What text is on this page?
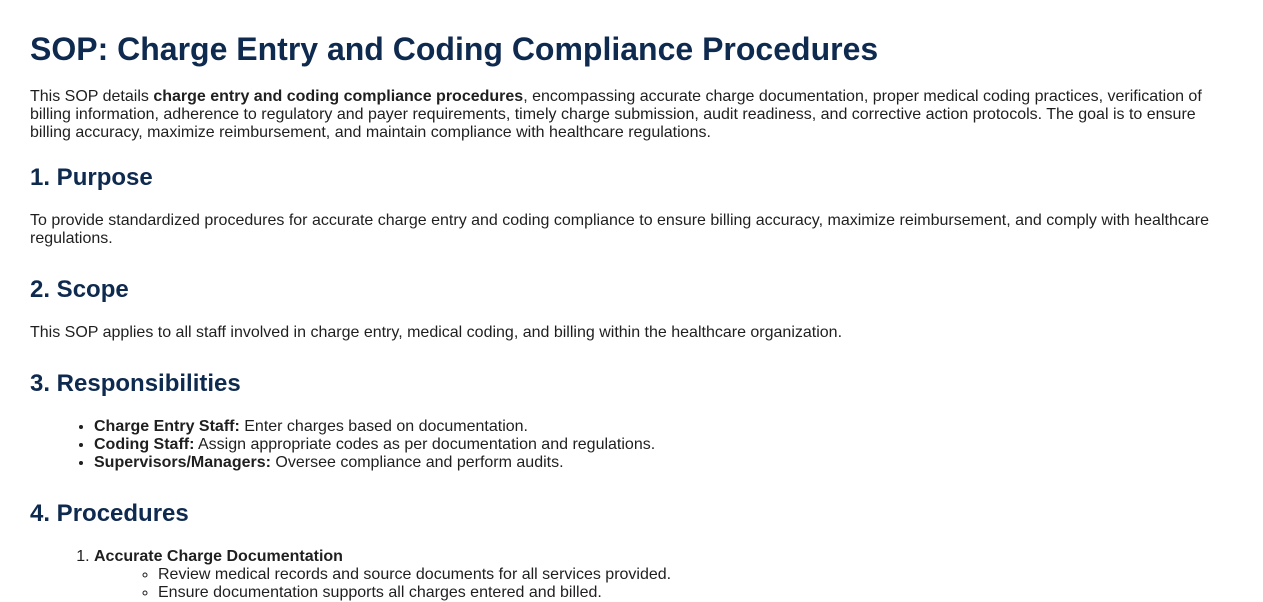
SOP: Charge Entry and Coding Compliance Procedures

This SOP details charge entry and coding compliance procedures, encompassing accurate charge documentation, proper medical coding practices, verification of billing information, adherence to regulatory and payer requirements, timely charge submission, audit readiness, and corrective action protocols. The goal is to ensure billing accuracy, maximize reimbursement, and maintain compliance with healthcare regulations.

1. Purpose

To provide standardized procedures for accurate charge entry and coding compliance to ensure billing accuracy, maximize reimbursement, and comply with healthcare regulations.

2. Scope

This SOP applies to all staff involved in charge entry, medical coding, and billing within the healthcare organization.

3. Responsibilities
• Charge Entry Staff: Enter charges based on documentation.
• Coding Staff: Assign appropriate codes as per documentation and regulations.
• Supervisors/Managers: Oversee compliance and perform audits.
4. Procedures
1. Accurate Charge Documentation
◦ Review medical records and source documents for all services provided.
◦ Ensure documentation supports all charges entered and billed.
